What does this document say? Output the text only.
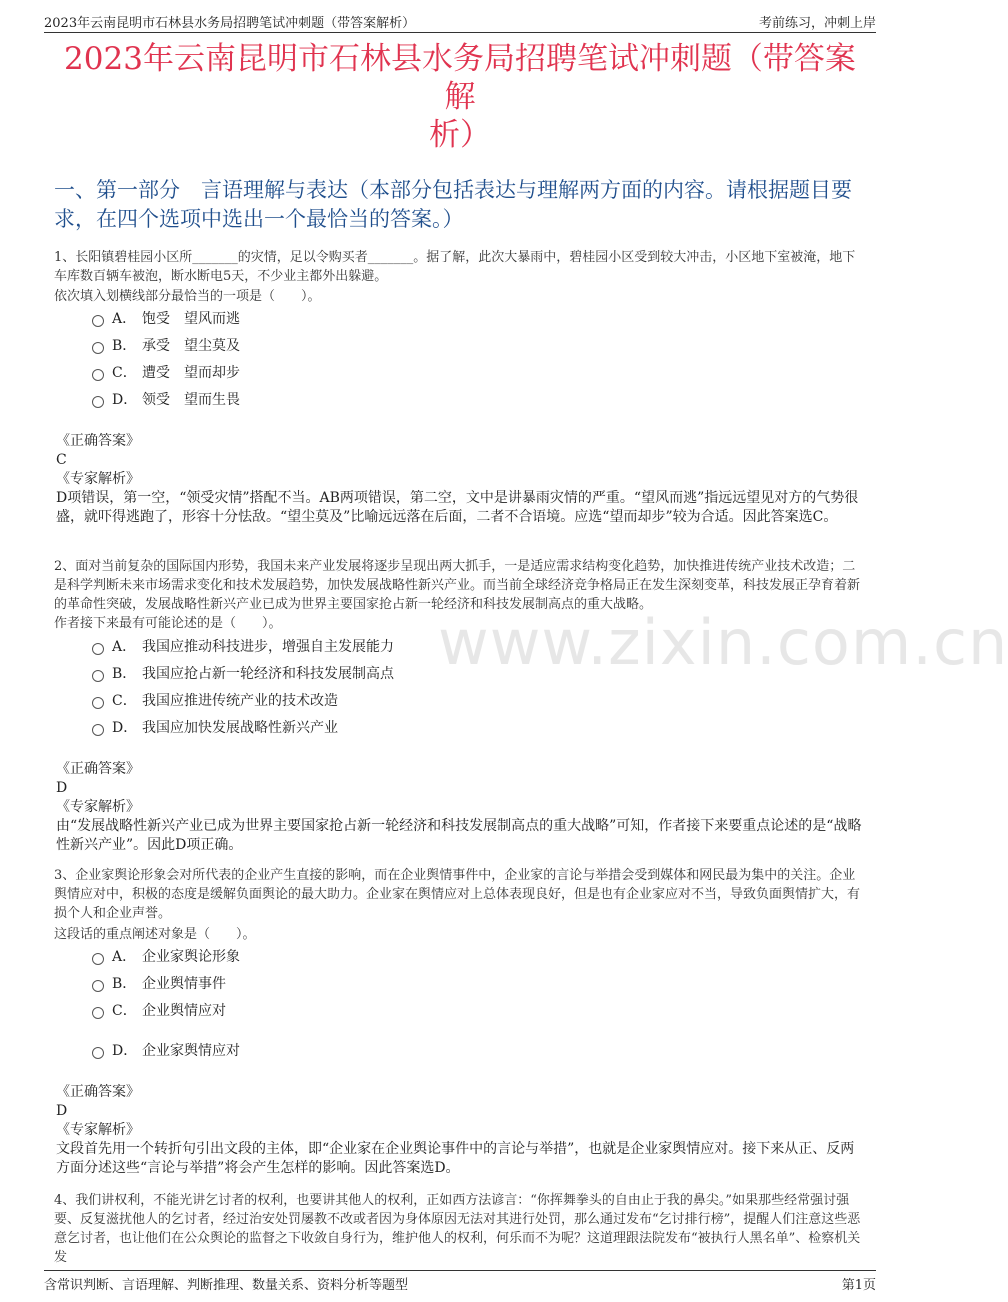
2023年云南昆明市石林县水务局招聘笔试冲刺题（带答案解析）	考前练习，冲刺上岸
2023年云南昆明市石林县水务局招聘笔试冲刺题（带答案解
析）
一、第一部分　言语理解与表达（本部分包括表达与理解两方面的内容。请根据题目要求，在四个选项中选出一个最恰当的答案。）
www.zixin.com.cn
1、长阳镇碧桂园小区所_______的灾情，足以令购买者_______。据了解，此次大暴雨中，碧桂园小区受到较大冲击，小区地下室被淹，地下车库数百辆车被泡，断水断电5天，不少业主都外出躲避。
依次填入划横线部分最恰当的一项是（　　）。
A． 饱受　望风而逃
B． 承受　望尘莫及
C． 遭受　望而却步
D． 领受　望而生畏
《正确答案》
C
《专家解析》
D项错误，第一空，“领受灾情”搭配不当。AB两项错误，第二空，文中是讲暴雨灾情的严重。“望风而逃”指远远望见对方的气势很盛，就吓得逃跑了，形容十分怯敌。“望尘莫及”比喻远远落在后面，二者不合语境。应选“望而却步”较为合适。因此答案选C。
2、面对当前复杂的国际国内形势，我国未来产业发展将逐步呈现出两大抓手，一是适应需求结构变化趋势，加快推进传统产业技术改造；二是科学判断未来市场需求变化和技术发展趋势，加快发展战略性新兴产业。而当前全球经济竞争格局正在发生深刻变革，科技发展正孕育着新的革命性突破，发展战略性新兴产业已成为世界主要国家抢占新一轮经济和科技发展制高点的重大战略。
作者接下来最有可能论述的是（　　）。
A． 我国应推动科技进步，增强自主发展能力
B． 我国应抢占新一轮经济和科技发展制高点
C． 我国应推进传统产业的技术改造
D． 我国应加快发展战略性新兴产业
《正确答案》
D
《专家解析》
由“发展战略性新兴产业已成为世界主要国家抢占新一轮经济和科技发展制高点的重大战略”可知，作者接下来要重点论述的是“战略性新兴产业”。因此D项正确。
3、企业家舆论形象会对所代表的企业产生直接的影响，而在企业舆情事件中，企业家的言论与举措会受到媒体和网民最为集中的关注。企业舆情应对中，积极的态度是缓解负面舆论的最大助力。企业家在舆情应对上总体表现良好，但是也有企业家应对不当，导致负面舆情扩大，有损个人和企业声誉。
这段话的重点阐述对象是（　　）。
A． 企业家舆论形象
B． 企业舆情事件
C． 企业舆情应对
D． 企业家舆情应对
《正确答案》
D
《专家解析》
文段首先用一个转折句引出文段的主体，即“企业家在企业舆论事件中的言论与举措”，也就是企业家舆情应对。接下来从正、反两方面分述这些“言论与举措”将会产生怎样的影响。因此答案选D。
4、我们讲权利，不能光讲乞讨者的权利，也要讲其他人的权利，正如西方法谚言：“你挥舞拳头的自由止于我的鼻尖。”如果那些经常强讨强要、反复滋扰他人的乞讨者，经过治安处罚屡教不改或者因为身体原因无法对其进行处罚，那么通过发布“乞讨排行榜”，提醒人们注意这些恶意乞讨者，也让他们在公众舆论的监督之下收敛自身行为，维护他人的权利，何乐而不为呢？这道理跟法院发布“被执行人黑名单”、检察机关发
含常识判断、言语理解、判断推理、数量关系、资料分析等题型	第1页
